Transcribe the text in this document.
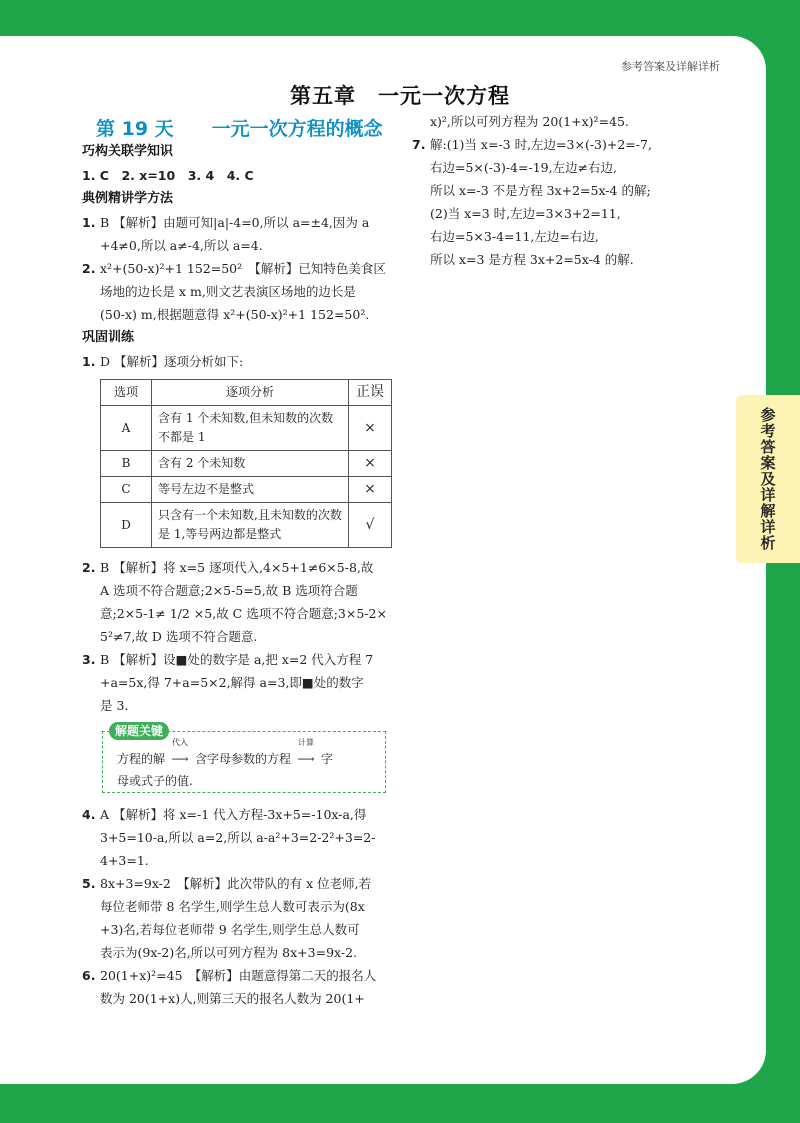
参考答案及详解详析
第五章　一元一次方程
第 19 天　　一元一次方程的概念
参考答案及详解详析
巧构关联学知识
1. C　2. x=10　3. 4　4. C
典例精讲学方法
1. B 【解析】由题可知|a|-4=0,所以 a=±4,因为 a
+4≠0,所以 a≠-4,所以 a=4.
2. x²+(50-x)²+1 152=50²　【解析】已知特色美食区
场地的边长是 x m,则文艺表演区场地的边长是
(50-x) m,根据题意得 x²+(50-x)²+1 152=50².
巩固训练
1. D 【解析】逐项分析如下:
选项	逐项分析	正误
A	含有 1 个未知数,但未知数的次数不都是 1	×
B	含有 2 个未知数	×
C	等号左边不是整式	×
D	只含有一个未知数,且未知数的次数是 1,等号两边都是整式	√
2. B 【解析】将 x=5 逐项代入,4×5+1≠6×5-8,故
A 选项不符合题意;2×5-5=5,故 B 选项符合题
意;2×5-1≠ 1/2 ×5,故 C 选项不符合题意;3×5-2×
5²≠7,故 D 选项不符合题意.
3. B 【解析】设■处的数字是 a,把 x=2 代入方程 7
+a=5x,得 7+a=5×2,解得 a=3,即■处的数字
是 3.
解题关键
方程的解
代入
⟶ 含字母参数的方程
计算
⟶ 字
母或式子的值.
4. A 【解析】将 x=-1 代入方程-3x+5=-10x-a,得
3+5=10-a,所以 a=2,所以 a-a²+3=2-2²+3=2-
4+3=1.
5. 8x+3=9x-2　【解析】此次带队的有 x 位老师,若
每位老师带 8 名学生,则学生总人数可表示为(8x
+3)名,若每位老师带 9 名学生,则学生总人数可
表示为(9x-2)名,所以可列方程为 8x+3=9x-2.
6. 20(1+x)²=45　【解析】由题意得第二天的报名人
数为 20(1+x)人,则第三天的报名人数为 20(1+
x)²,所以可列方程为 20(1+x)²=45.
7. 解:(1)当 x=-3 时,左边=3×(-3)+2=-7,
右边=5×(-3)-4=-19,左边≠右边,
所以 x=-3 不是方程 3x+2=5x-4 的解;
(2)当 x=3 时,左边=3×3+2=11,
右边=5×3-4=11,左边=右边,
所以 x=3 是方程 3x+2=5x-4 的解.
